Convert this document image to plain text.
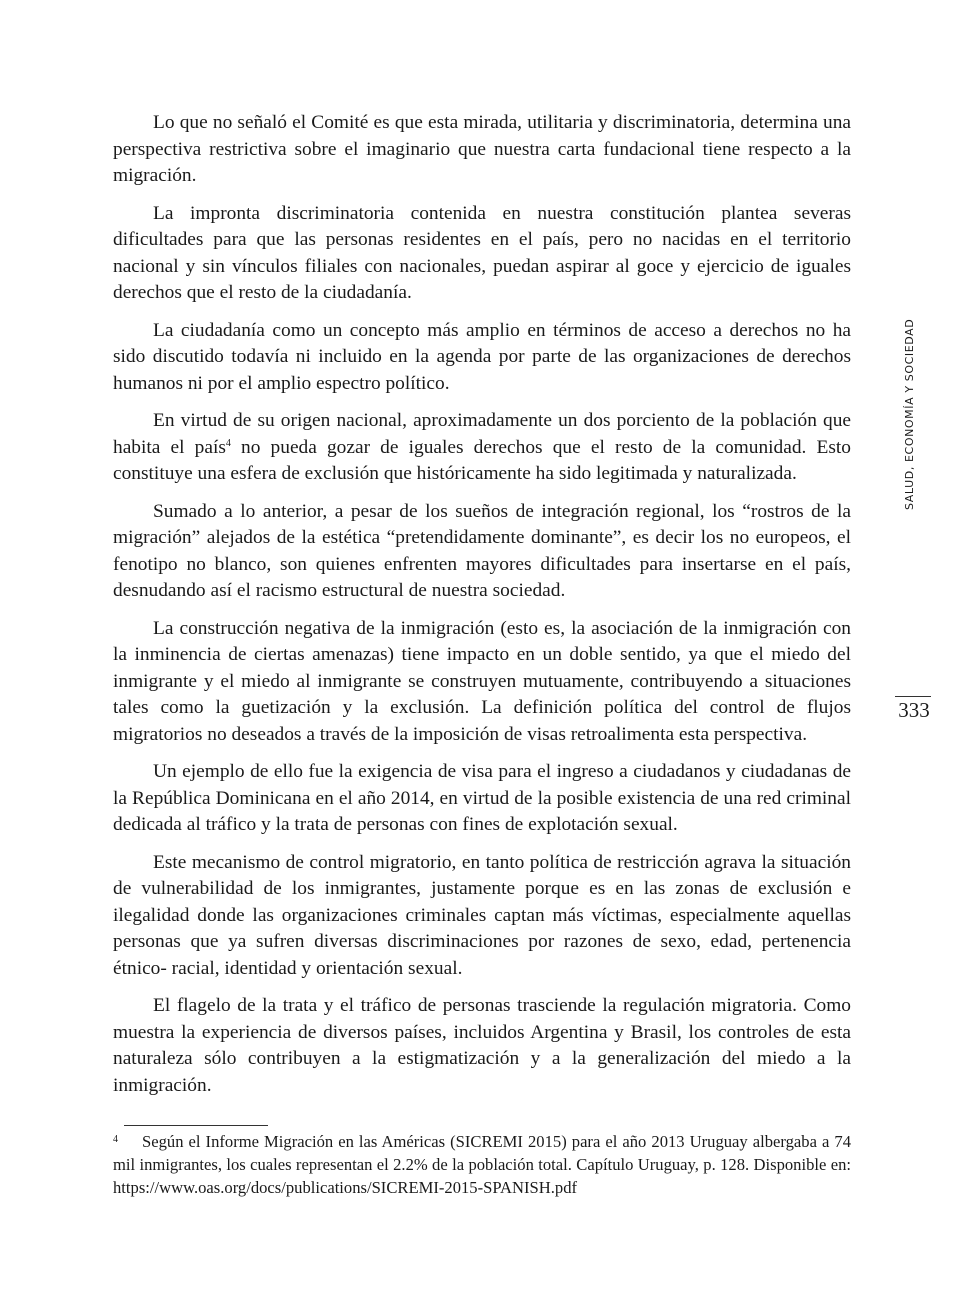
Lo que no señaló el Comité es que esta mirada, utilitaria y discriminatoria, determina una perspectiva restrictiva sobre el imaginario que nuestra carta fundacional tiene respecto a la migración.

La impronta discriminatoria contenida en nuestra constitución plantea severas dificultades para que las personas residentes en el país, pero no nacidas en el territorio nacional y sin vínculos filiales con nacionales, puedan aspirar al goce y ejercicio de iguales derechos que el resto de la ciudadanía.

La ciudadanía como un concepto más amplio en términos de acceso a derechos no ha sido discutido todavía ni incluido en la agenda por parte de las organizaciones de derechos humanos ni por el amplio espectro político.

En virtud de su origen nacional, aproximadamente un dos porciento de la población que habita el país$^4$ no pueda gozar de iguales derechos que el resto de la comunidad. Esto constituye una esfera de exclusión que históricamente ha sido legitimada y naturalizada.

Sumado a lo anterior, a pesar de los sueños de integración regional, los “rostros de la migración” alejados de la estética “pretendidamente dominante”, es decir los no europeos, el fenotipo no blanco, son quienes enfrenten mayores dificultades para insertarse en el país, desnudando así el racismo estructural de nuestra sociedad.

La construcción negativa de la inmigración (esto es, la asociación de la inmigración con la inminencia de ciertas amenazas) tiene impacto en un doble sentido, ya que el miedo del inmigrante y el miedo al inmigrante se construyen mutuamente, contribuyendo a situaciones tales como la guetización y la exclusión. La definición política del control de flujos migratorios no deseados a través de la imposición de visas retroalimenta esta perspectiva.

Un ejemplo de ello fue la exigencia de visa para el ingreso a ciudadanos y ciudadanas de la República Dominicana en el año 2014, en virtud de la posible existencia de una red criminal dedicada al tráfico y la trata de personas con fines de explotación sexual.

Este mecanismo de control migratorio, en tanto política de restricción agrava la situación de vulnerabilidad de los inmigrantes, justamente porque es en las zonas de exclusión e ilegalidad donde las organizaciones criminales captan más víctimas, especialmente aquellas personas que ya sufren diversas discriminaciones por razones de sexo, edad, pertenencia étnico- racial, identidad y orientación sexual.

El flagelo de la trata y el tráfico de personas trasciende la regulación migratoria. Como muestra la experiencia de diversos países, incluidos Argentina y Brasil, los controles de esta naturaleza sólo contribuyen a la estigmatización y a la generalización del miedo a la inmigración.

4 Según el Informe Migración en las Américas (SICREMI 2015) para el año 2013 Uruguay albergaba a 74 mil inmigrantes, los cuales representan el 2.2% de la población total. Capítulo Uruguay, p. 128. Disponible en: https://www.oas.org/docs/publications/SICREMI-2015-SPANISH.pdf

SALUD, ECONOMÍA Y SOCIEDAD
333
